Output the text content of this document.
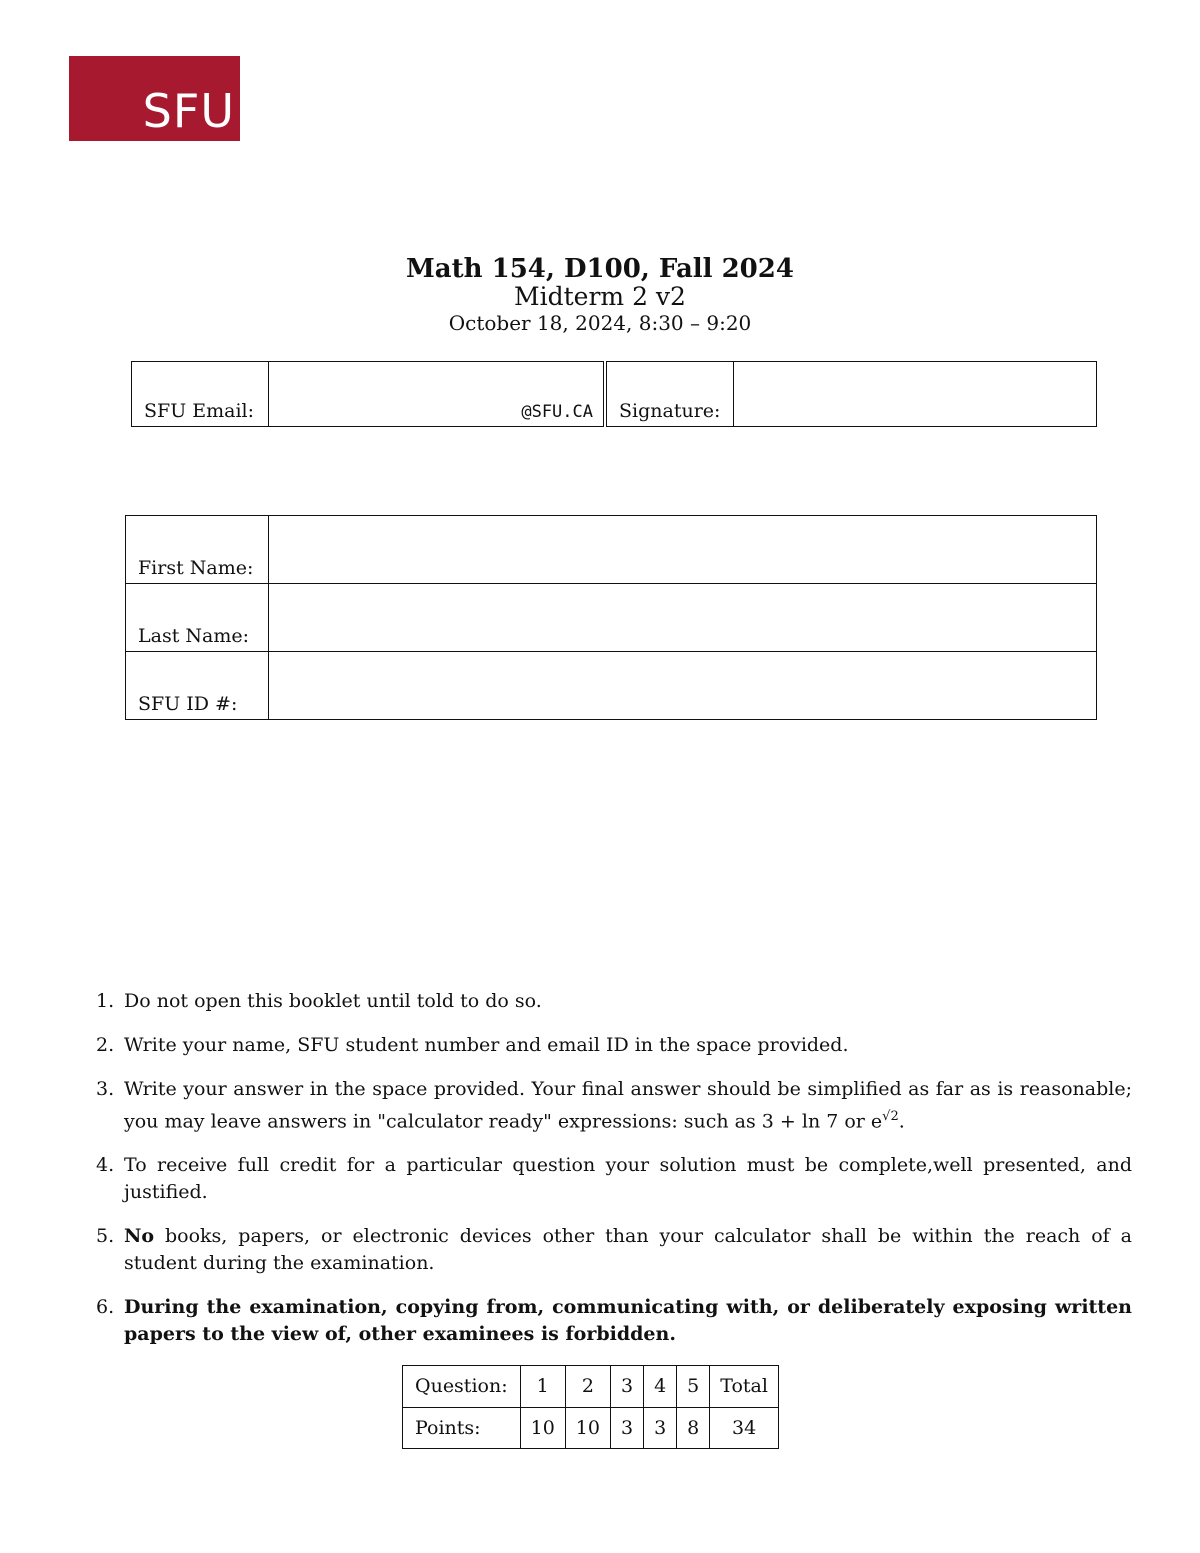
SFU
Math 154, D100, Fall 2024
Midterm 2 v2
October 18, 2024, 8:30 – 9:20
SFU Email:	@SFU.CA		Signature:	
First Name:	
Last Name:	
SFU ID #:	
1. Do not open this booklet until told to do so.
2. Write your name, SFU student number and email ID in the space provided.
3. Write your answer in the space provided. Your final answer should be simplified as far as is reasonable; you may leave answers in "calculator ready" expressions: such as 3 + ln 7 or $e^{√2}$.
4. To receive full credit for a particular question your solution must be complete,well presented, and justified.
5. No books, papers, or electronic devices other than your calculator shall be within the reach of a student during the examination.
6. During the examination, copying from, communicating with, or deliberately exposing written papers to the view of, other examinees is forbidden.
Question:	1	2	3	4	5	Total
Points:	10	10	3	3	8	34
